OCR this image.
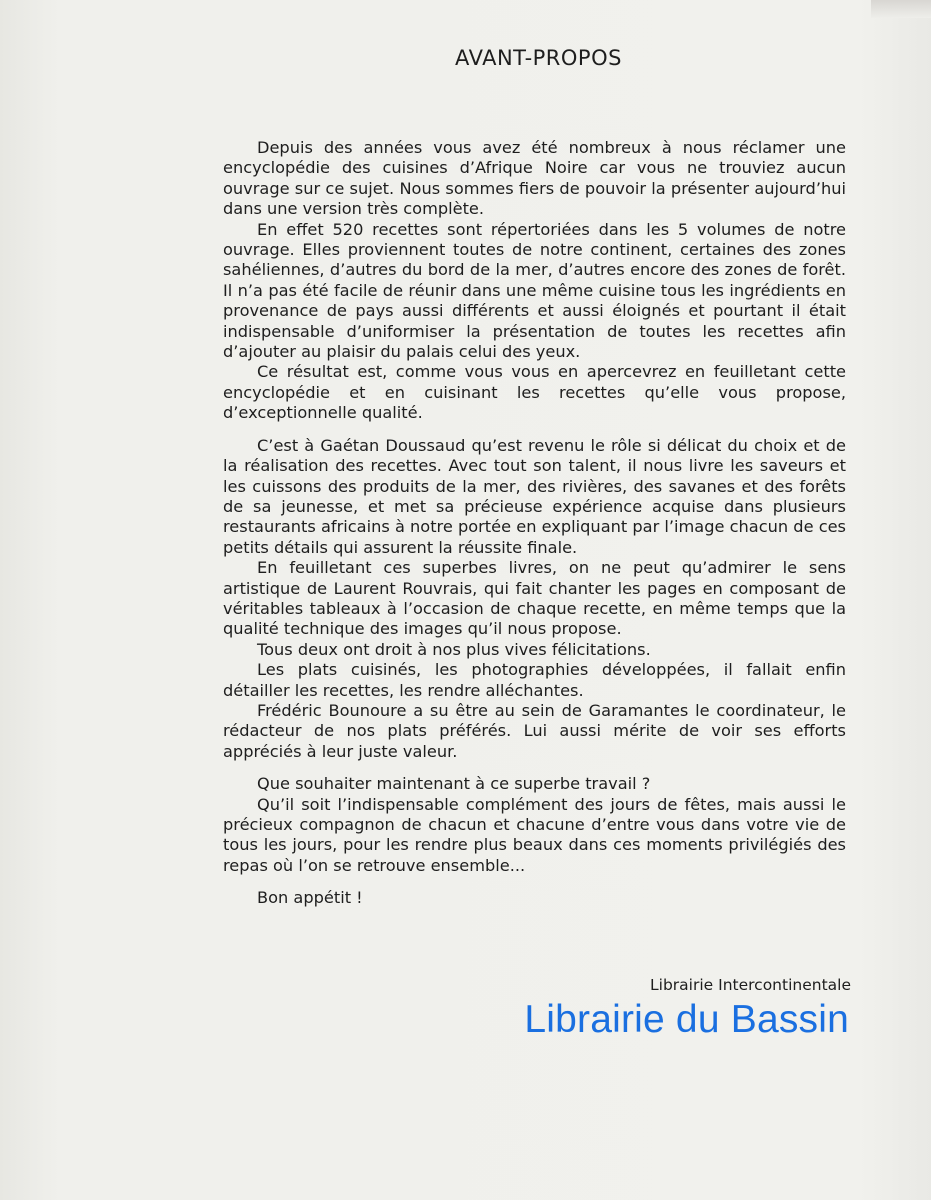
AVANT-PROPOS

Depuis des années vous avez été nombreux à nous réclamer une encyclopédie des cuisines d’Afrique Noire car vous ne trouviez aucun ouvrage sur ce sujet. Nous sommes fiers de pouvoir la présenter aujourd’hui dans une version très complète.

En effet 520 recettes sont répertoriées dans les 5 volumes de notre ouvrage. Elles proviennent toutes de notre continent, certaines des zones sahéliennes, d’autres du bord de la mer, d’autres encore des zones de forêt. Il n’a pas été facile de réunir dans une même cuisine tous les ingrédients en provenance de pays aussi différents et aussi éloignés et pourtant il était indispensable d’uniformiser la présentation de toutes les recettes afin d’ajouter au plaisir du palais celui des yeux.

Ce résultat est, comme vous vous en apercevrez en feuilletant cette encyclopédie et en cuisinant les recettes qu’elle vous propose, d’exceptionnelle qualité.

C’est à Gaétan Doussaud qu’est revenu le rôle si délicat du choix et de la réalisation des recettes. Avec tout son talent, il nous livre les saveurs et les cuissons des produits de la mer, des rivières, des savanes et des forêts de sa jeunesse, et met sa précieuse expérience acquise dans plusieurs restaurants africains à notre portée en expliquant par l’image chacun de ces petits détails qui assurent la réussite finale.

En feuilletant ces superbes livres, on ne peut qu’admirer le sens artistique de Laurent Rouvrais, qui fait chanter les pages en composant de véritables tableaux à l’occasion de chaque recette, en même temps que la qualité technique des images qu’il nous propose.

Tous deux ont droit à nos plus vives félicitations.

Les plats cuisinés, les photographies développées, il fallait enfin détailler les recettes, les rendre alléchantes.

Frédéric Bounoure a su être au sein de Garamantes le coordinateur, le rédacteur de nos plats préférés. Lui aussi mérite de voir ses efforts appréciés à leur juste valeur.

Que souhaiter maintenant à ce superbe travail ?

Qu’il soit l’indispensable complément des jours de fêtes, mais aussi le précieux compagnon de chacun et chacune d’entre vous dans votre vie de tous les jours, pour les rendre plus beaux dans ces moments privilégiés des repas où l’on se retrouve ensemble...

Bon appétit !

Librairie Intercontinentale
Librairie du Bassin
